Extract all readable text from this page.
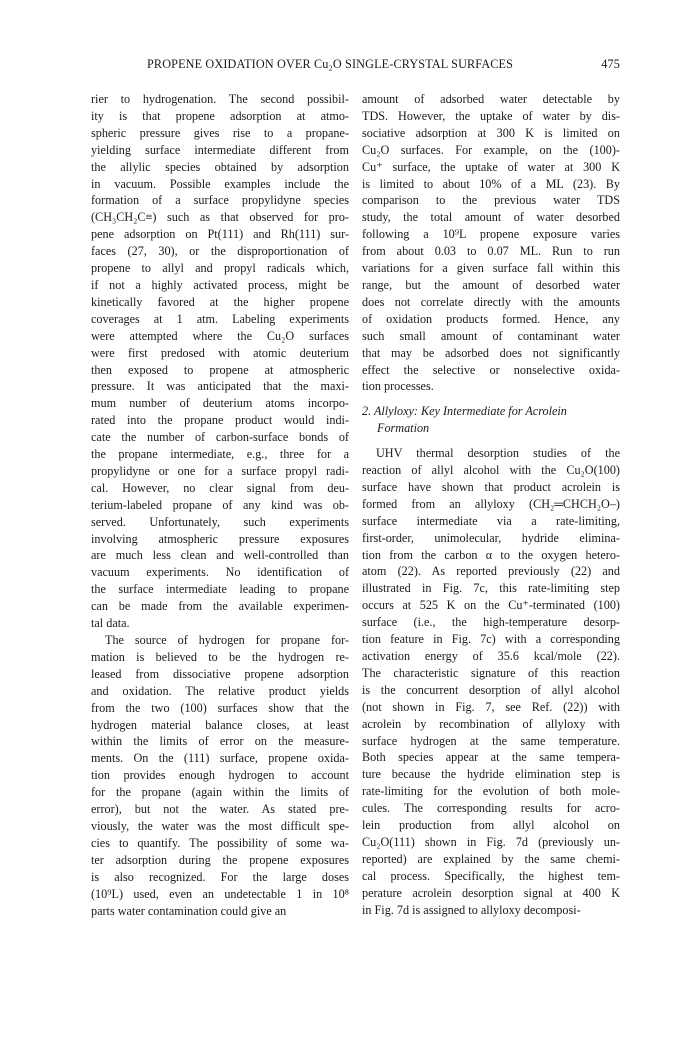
PROPENE OXIDATION OVER Cu₂O SINGLE-CRYSTAL SURFACES	475
rier to hydrogenation. The second possibil-
ity is that propene adsorption at atmo-
spheric pressure gives rise to a propane-
yielding surface intermediate different from
the allylic species obtained by adsorption
in vacuum. Possible examples include the
formation of a surface propylidyne species
(CH₃CH₂C≡) such as that observed for pro-
pene adsorption on Pt(111) and Rh(111) sur-
faces (27, 30), or the disproportionation of
propene to allyl and propyl radicals which,
if not a highly activated process, might be
kinetically favored at the higher propene
coverages at 1 atm. Labeling experiments
were attempted where the Cu₂O surfaces
were first predosed with atomic deuterium
then exposed to propene at atmospheric
pressure. It was anticipated that the maxi-
mum number of deuterium atoms incorpo-
rated into the propane product would indi-
cate the number of carbon-surface bonds of
the propane intermediate, e.g., three for a
propylidyne or one for a surface propyl radi-
cal. However, no clear signal from deu-
terium-labeled propane of any kind was ob-
served. Unfortunately, such experiments
involving atmospheric pressure exposures
are much less clean and well-controlled than
vacuum experiments. No identification of
the surface intermediate leading to propane
can be made from the available experimen-
tal data.
The source of hydrogen for propane for-
mation is believed to be the hydrogen re-
leased from dissociative propene adsorption
and oxidation. The relative product yields
from the two (100) surfaces show that the
hydrogen material balance closes, at least
within the limits of error on the measure-
ments. On the (111) surface, propene oxida-
tion provides enough hydrogen to account
for the propane (again within the limits of
error), but not the water. As stated pre-
viously, the water was the most difficult spe-
cies to quantify. The possibility of some wa-
ter adsorption during the propene exposures
is also recognized. For the large doses
(10⁹L) used, even an undetectable 1 in 10⁸
parts water contamination could give an
amount of adsorbed water detectable by
TDS. However, the uptake of water by dis-
sociative adsorption at 300 K is limited on
Cu₂O surfaces. For example, on the (100)-
Cu⁺ surface, the uptake of water at 300 K
is limited to about 10% of a ML (23). By
comparison to the previous water TDS
study, the total amount of water desorbed
following a 10⁹L propene exposure varies
from about 0.03 to 0.07 ML. Run to run
variations for a given surface fall within this
range, but the amount of desorbed water
does not correlate directly with the amounts
of oxidation products formed. Hence, any
such small amount of contaminant water
that may be adsorbed does not significantly
effect the selective or nonselective oxida-
tion processes.
2. Allyloxy: Key Intermediate for Acrolein
Formation
UHV thermal desorption studies of the
reaction of allyl alcohol with the Cu₂O(100)
surface have shown that product acrolein is
formed from an allyloxy (CH₂═CHCH₂O–)
surface intermediate via a rate-limiting,
first-order, unimolecular, hydride elimina-
tion from the carbon α to the oxygen hetero-
atom (22). As reported previously (22) and
illustrated in Fig. 7c, this rate-limiting step
occurs at 525 K on the Cu⁺-terminated (100)
surface (i.e., the high-temperature desorp-
tion feature in Fig. 7c) with a corresponding
activation energy of 35.6 kcal/mole (22).
The characteristic signature of this reaction
is the concurrent desorption of allyl alcohol
(not shown in Fig. 7, see Ref. (22)) with
acrolein by recombination of allyloxy with
surface hydrogen at the same temperature.
Both species appear at the same tempera-
ture because the hydride elimination step is
rate-limiting for the evolution of both mole-
cules. The corresponding results for acro-
lein production from allyl alcohol on
Cu₂O(111) shown in Fig. 7d (previously un-
reported) are explained by the same chemi-
cal process. Specifically, the highest tem-
perature acrolein desorption signal at 400 K
in Fig. 7d is assigned to allyloxy decomposi-
